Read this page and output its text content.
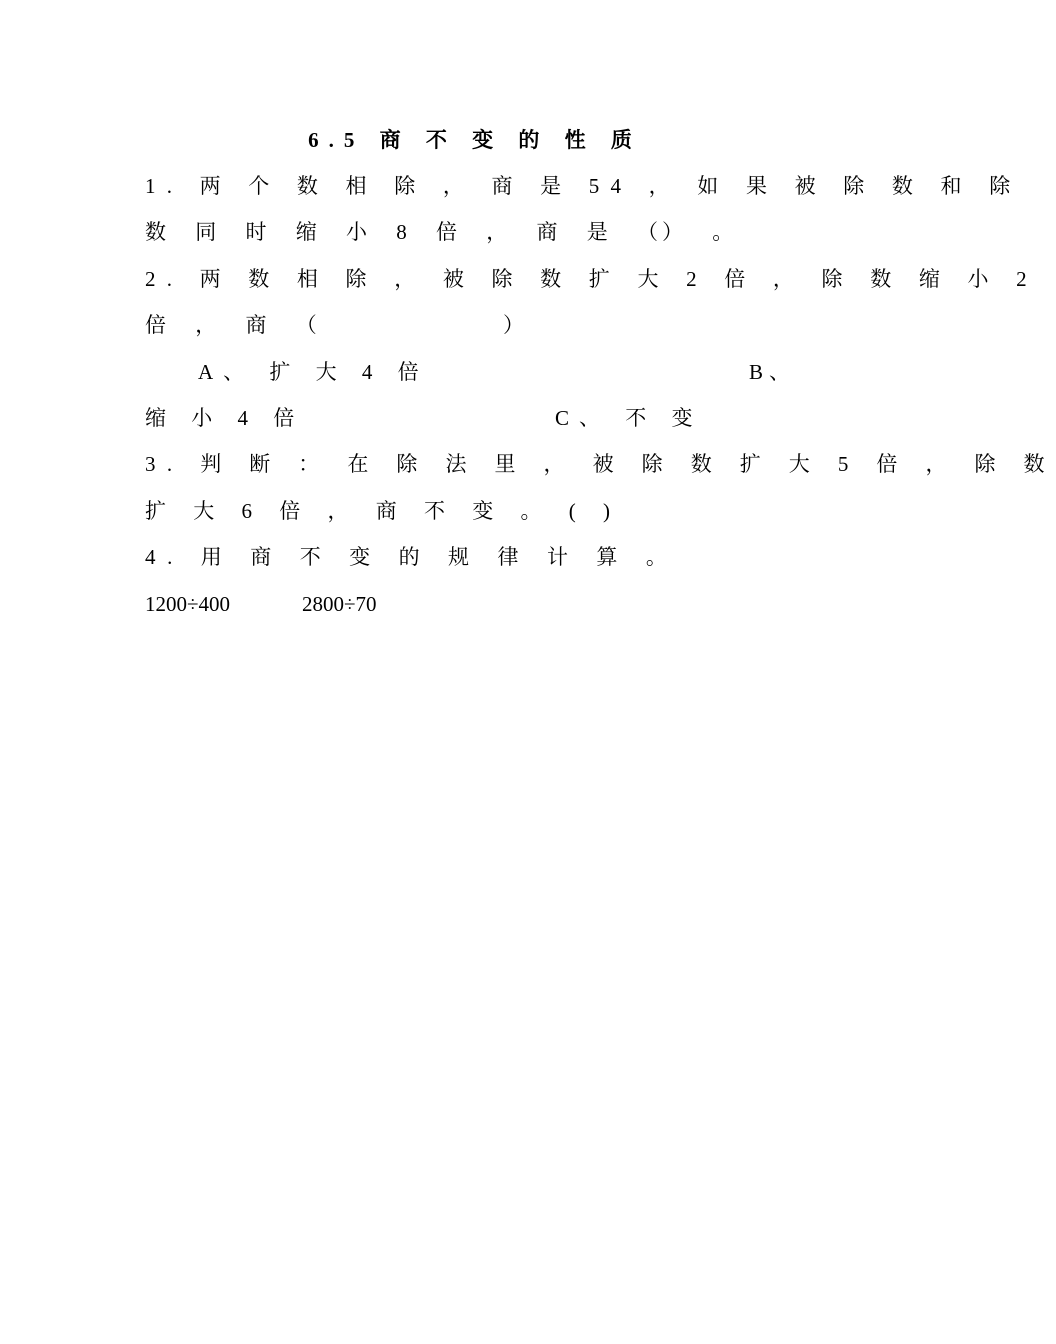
6.5 商 不 变 的 性 质
1. 两 个 数 相 除 ， 商 是 54 ， 如 果 被 除 数 和 除
数 同 时 缩 小 8 倍 ， 商 是 （
） 。
2. 两 数 相 除 ， 被 除 数 扩 大 2 倍 ， 除 数 缩 小 2
倍 ， 商 （	）
A、 扩 大 4 倍	B、
缩 小 4 倍	C、 不 变
3. 判 断 ： 在 除 法 里 ， 被 除 数 扩 大 5 倍 ， 除 数
扩 大 6 倍 ， 商 不 变 。 ( )
4. 用 商 不 变 的 规 律 计 算 。
1200÷400	2800÷70
